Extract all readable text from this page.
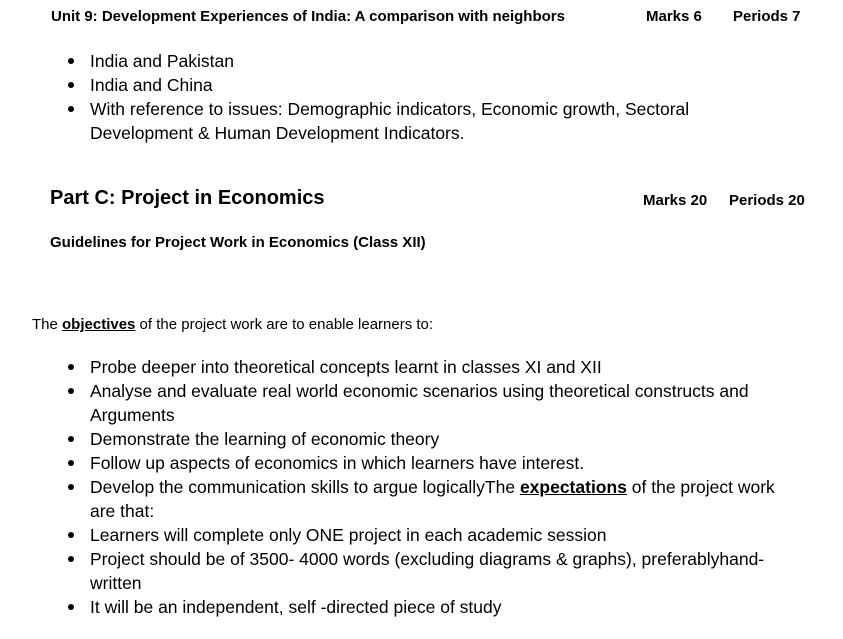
Unit 9: Development Experiences of India: A comparison with neighbors	Marks 6 Periods 7
India and Pakistan
India and China
With reference to issues: Demographic indicators, Economic growth, Sectoral
Development & Human Development Indicators.
Part C: Project in Economics	Marks 20 Periods 20
Guidelines for Project Work in Economics (Class XII)
The objectives of the project work are to enable learners to:
Probe deeper into theoretical concepts learnt in classes XI and XII
Analyse and evaluate real world economic scenarios using theoretical constructs and
Arguments
Demonstrate the learning of economic theory
Follow up aspects of economics in which learners have interest.
Develop the communication skills to argue logicallyThe expectations of the project work
are that:
Learners will complete only ONE project in each academic session
Project should be of 3500- 4000 words (excluding diagrams & graphs), preferablyhand-
written
It will be an independent, self -directed piece of study
